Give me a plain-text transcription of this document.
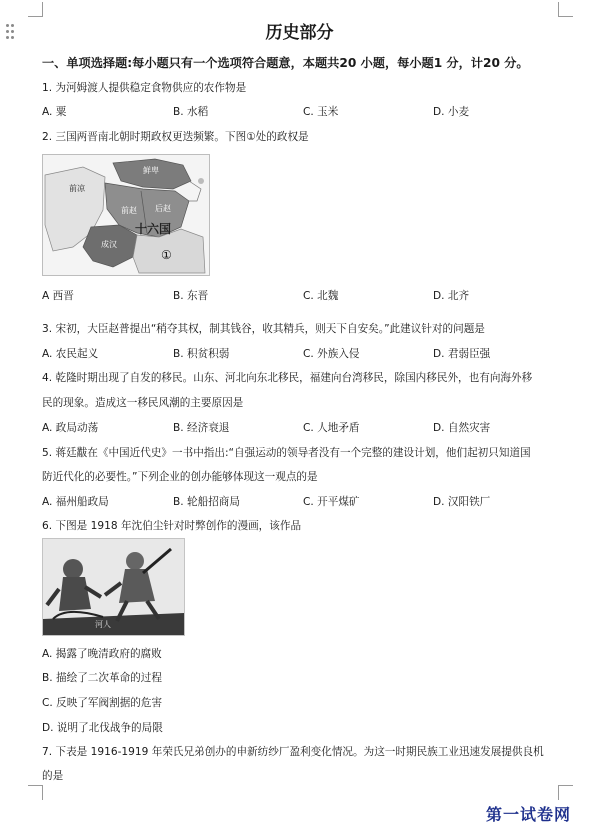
历史部分
一、单项选择题:每小题只有一个选项符合题意，本题共20 小题，每小题1 分，计20 分。
1. 为河姆渡人提供稳定食物供应的农作物是
A. 粟	B. 水稻	C. 玉米	D. 小麦
2. 三国两晋南北朝时期政权更迭频繁。下图①处的政权是
鲜卑
前凉
前赵 后赵
成汉
十六国
①
A 西晋	B. 东晋	C. 北魏	D. 北齐
3. 宋初，大臣赵普提出“稍夺其权，制其钱谷，收其精兵，则天下自安矣。”此建议针对的问题是
A. 农民起义	B. 积贫积弱	C. 外族入侵	D. 君弱臣强
4. 乾隆时期出现了自发的移民。山东、河北向东北移民，福建向台湾移民，除国内移民外，也有向海外移
民的现象。造成这一移民风潮的主要原因是
A. 政局动荡	B. 经济衰退	C. 人地矛盾	D. 自然灾害
5. 蒋廷黻在《中国近代史》一书中指出:“自强运动的领导者没有一个完整的建设计划，他们起初只知道国
防近代化的必要性。”下列企业的创办能够体现这一观点的是
A. 福州船政局	B. 轮船招商局	C. 开平煤矿	D. 汉阳铁厂
6. 下图是 1918 年沈伯尘针对时弊创作的漫画，该作品
河人
A. 揭露了晚清政府的腐败
B. 描绘了二次革命的过程
C. 反映了军阀割据的危害
D. 说明了北伐战争的局限
7. 下表是 1916-1919 年荣氏兄弟创办的申新纺纱厂盈利变化情况。为这一时期民族工业迅速发展提供良机
的是
第一试卷网
